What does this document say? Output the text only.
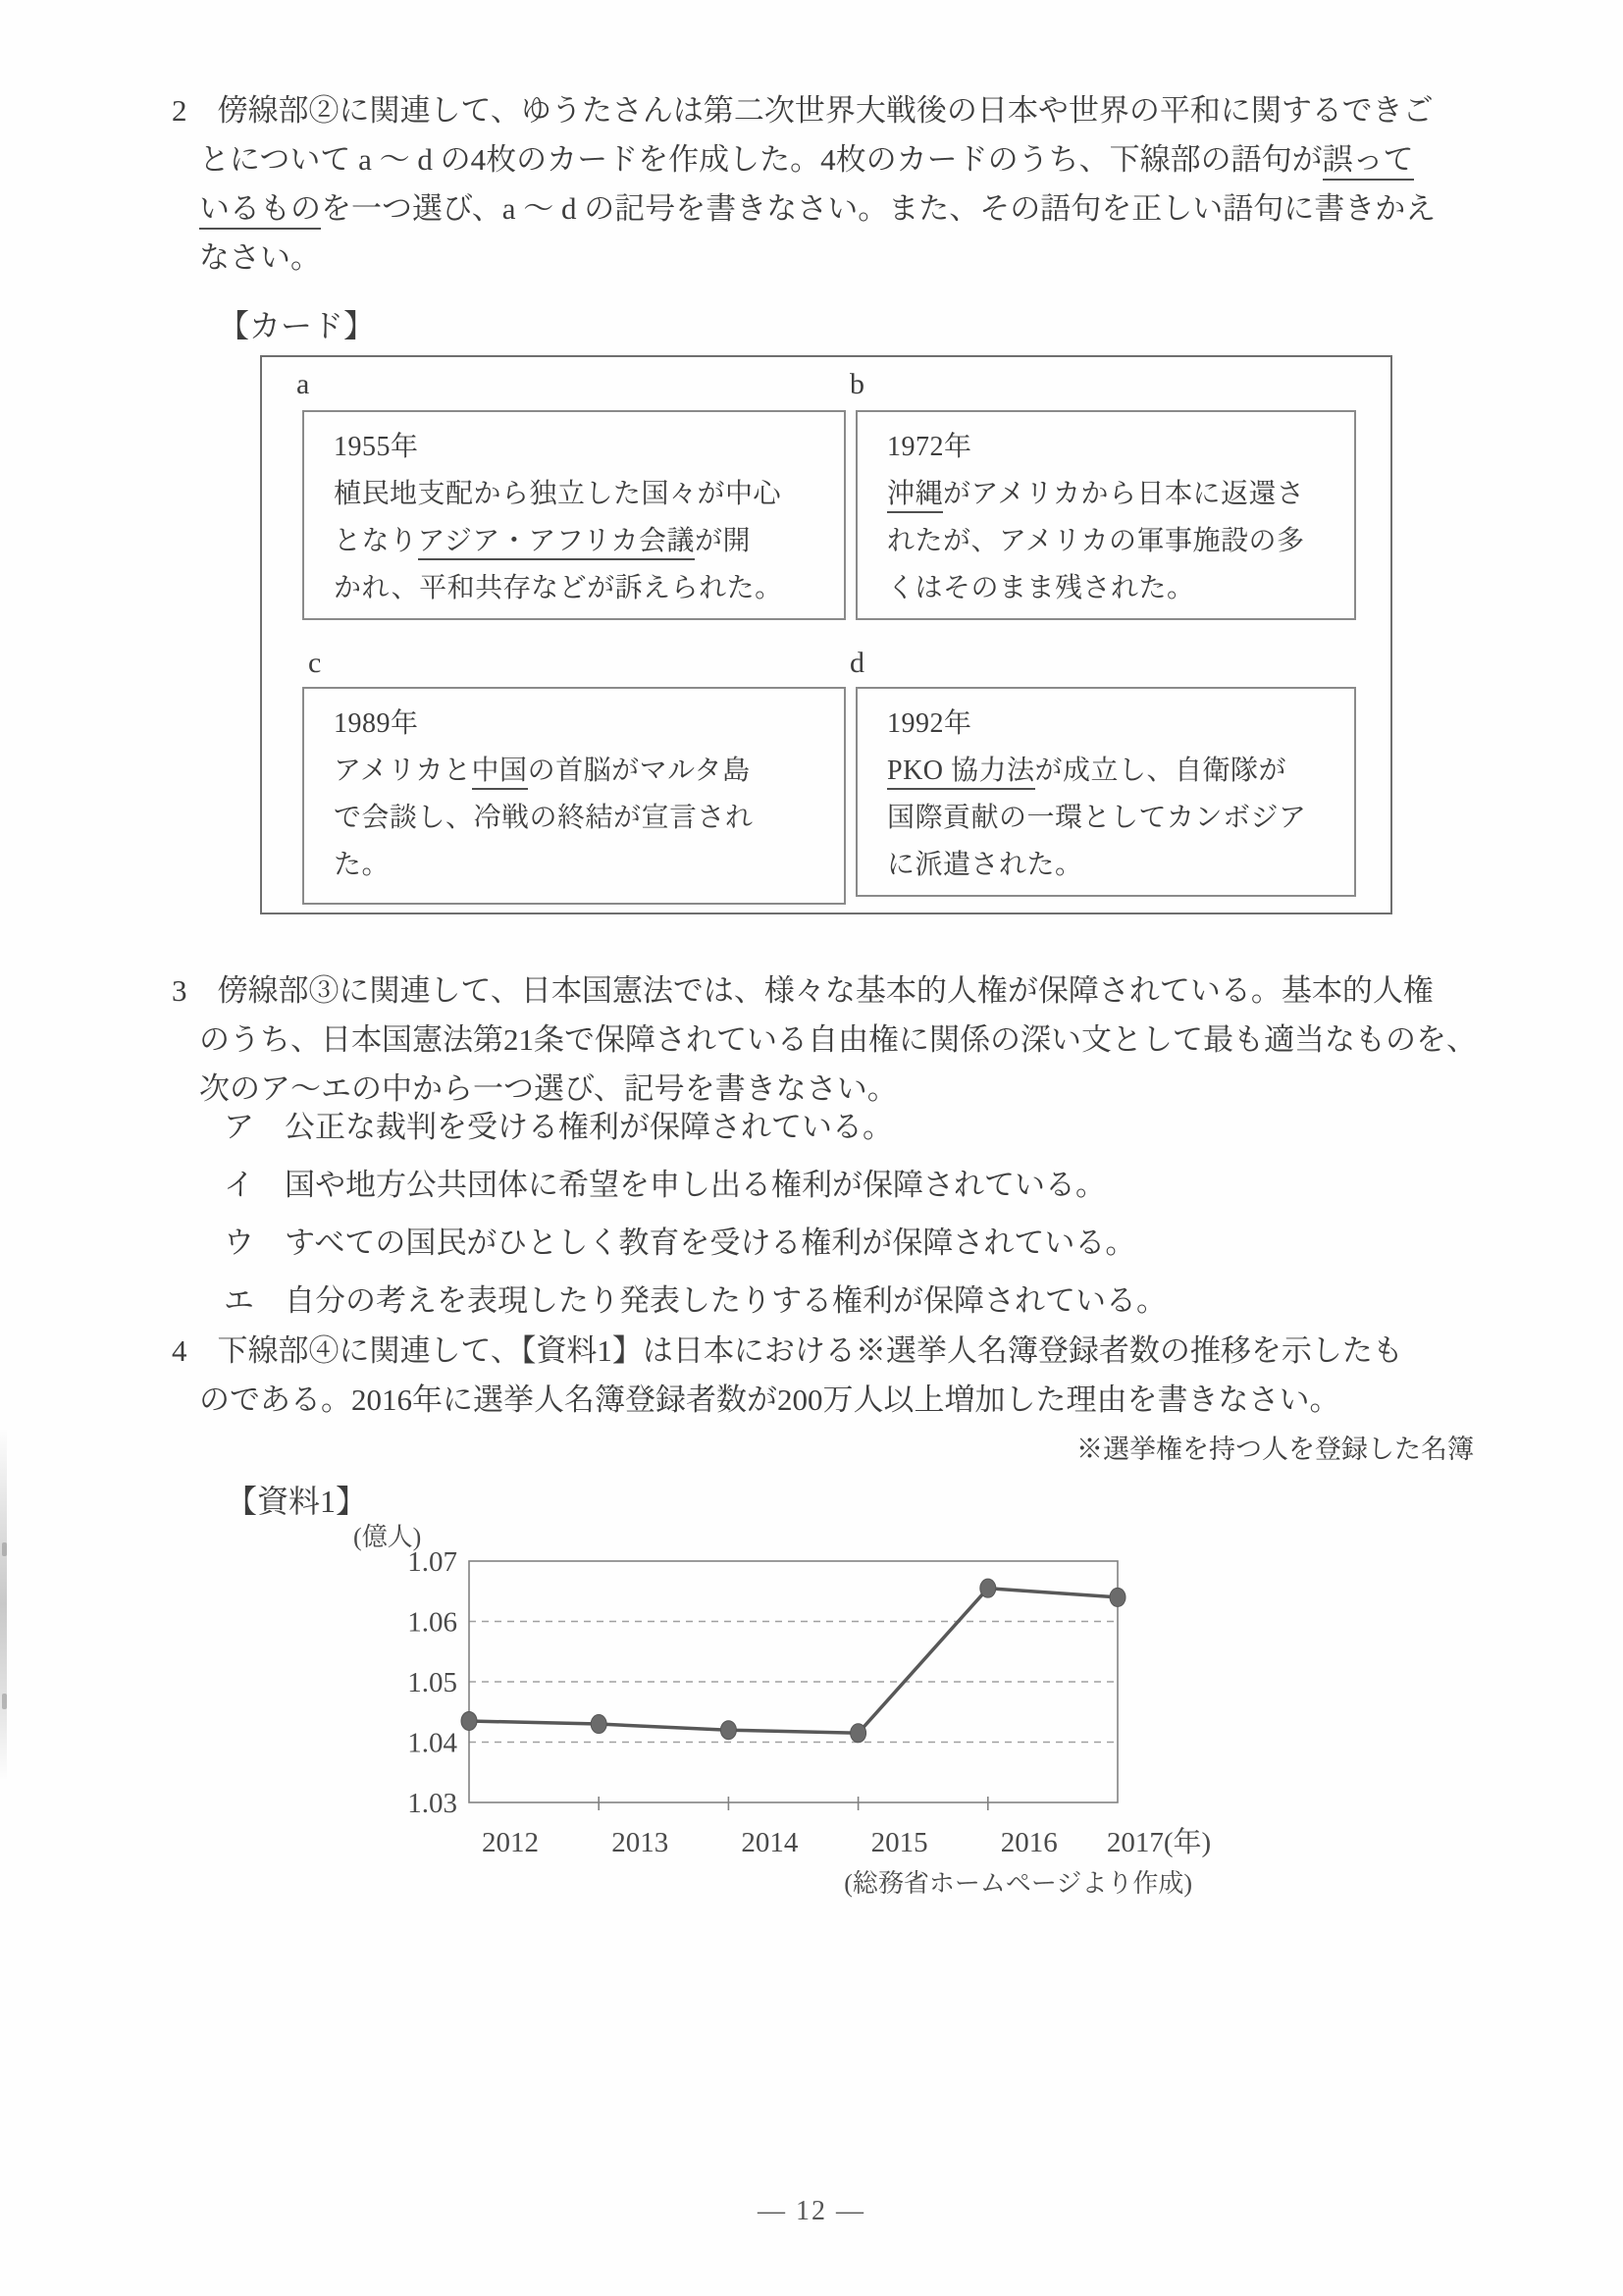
2　傍線部②に関連して、ゆうたさんは第二次世界大戦後の日本や世界の平和に関するできご
とについて a ～ d の4枚のカードを作成した。4枚のカードのうち、下線部の語句が誤って
いるものを一つ選び、a ～ d の記号を書きなさい。また、その語句を正しい語句に書きかえ
なさい。
【カード】
a
1955年
植民地支配から独立した国々が中心
となりアジア・アフリカ会議が開
かれ、平和共存などが訴えられた。
b
1972年
沖縄がアメリカから日本に返還さ
れたが、アメリカの軍事施設の多
くはそのまま残された。
c
1989年
アメリカと中国の首脳がマルタ島
で会談し、冷戦の終結が宣言され
た。
d
1992年
PKO 協力法が成立し、自衛隊が
国際貢献の一環としてカンボジア
に派遣された。
3　傍線部③に関連して、日本国憲法では、様々な基本的人権が保障されている。基本的人権
のうち、日本国憲法第21条で保障されている自由権に関係の深い文として最も適当なものを、
次のア～エの中から一つ選び、記号を書きなさい。
ア　公正な裁判を受ける権利が保障されている。
イ　国や地方公共団体に希望を申し出る権利が保障されている。
ウ　すべての国民がひとしく教育を受ける権利が保障されている。
エ　自分の考えを表現したり発表したりする権利が保障されている。
4　下線部④に関連して、【資料1】は日本における※選挙人名簿登録者数の推移を示したも
のである。2016年に選挙人名簿登録者数が200万人以上増加した理由を書きなさい。
※選挙権を持つ人を登録した名簿
【資料1】
(億人)
1.03
1.04
1.05
1.06
1.07
2012	2013	2014	2015	2016 2017(年)
(総務省ホームページより作成)
— 12 —
